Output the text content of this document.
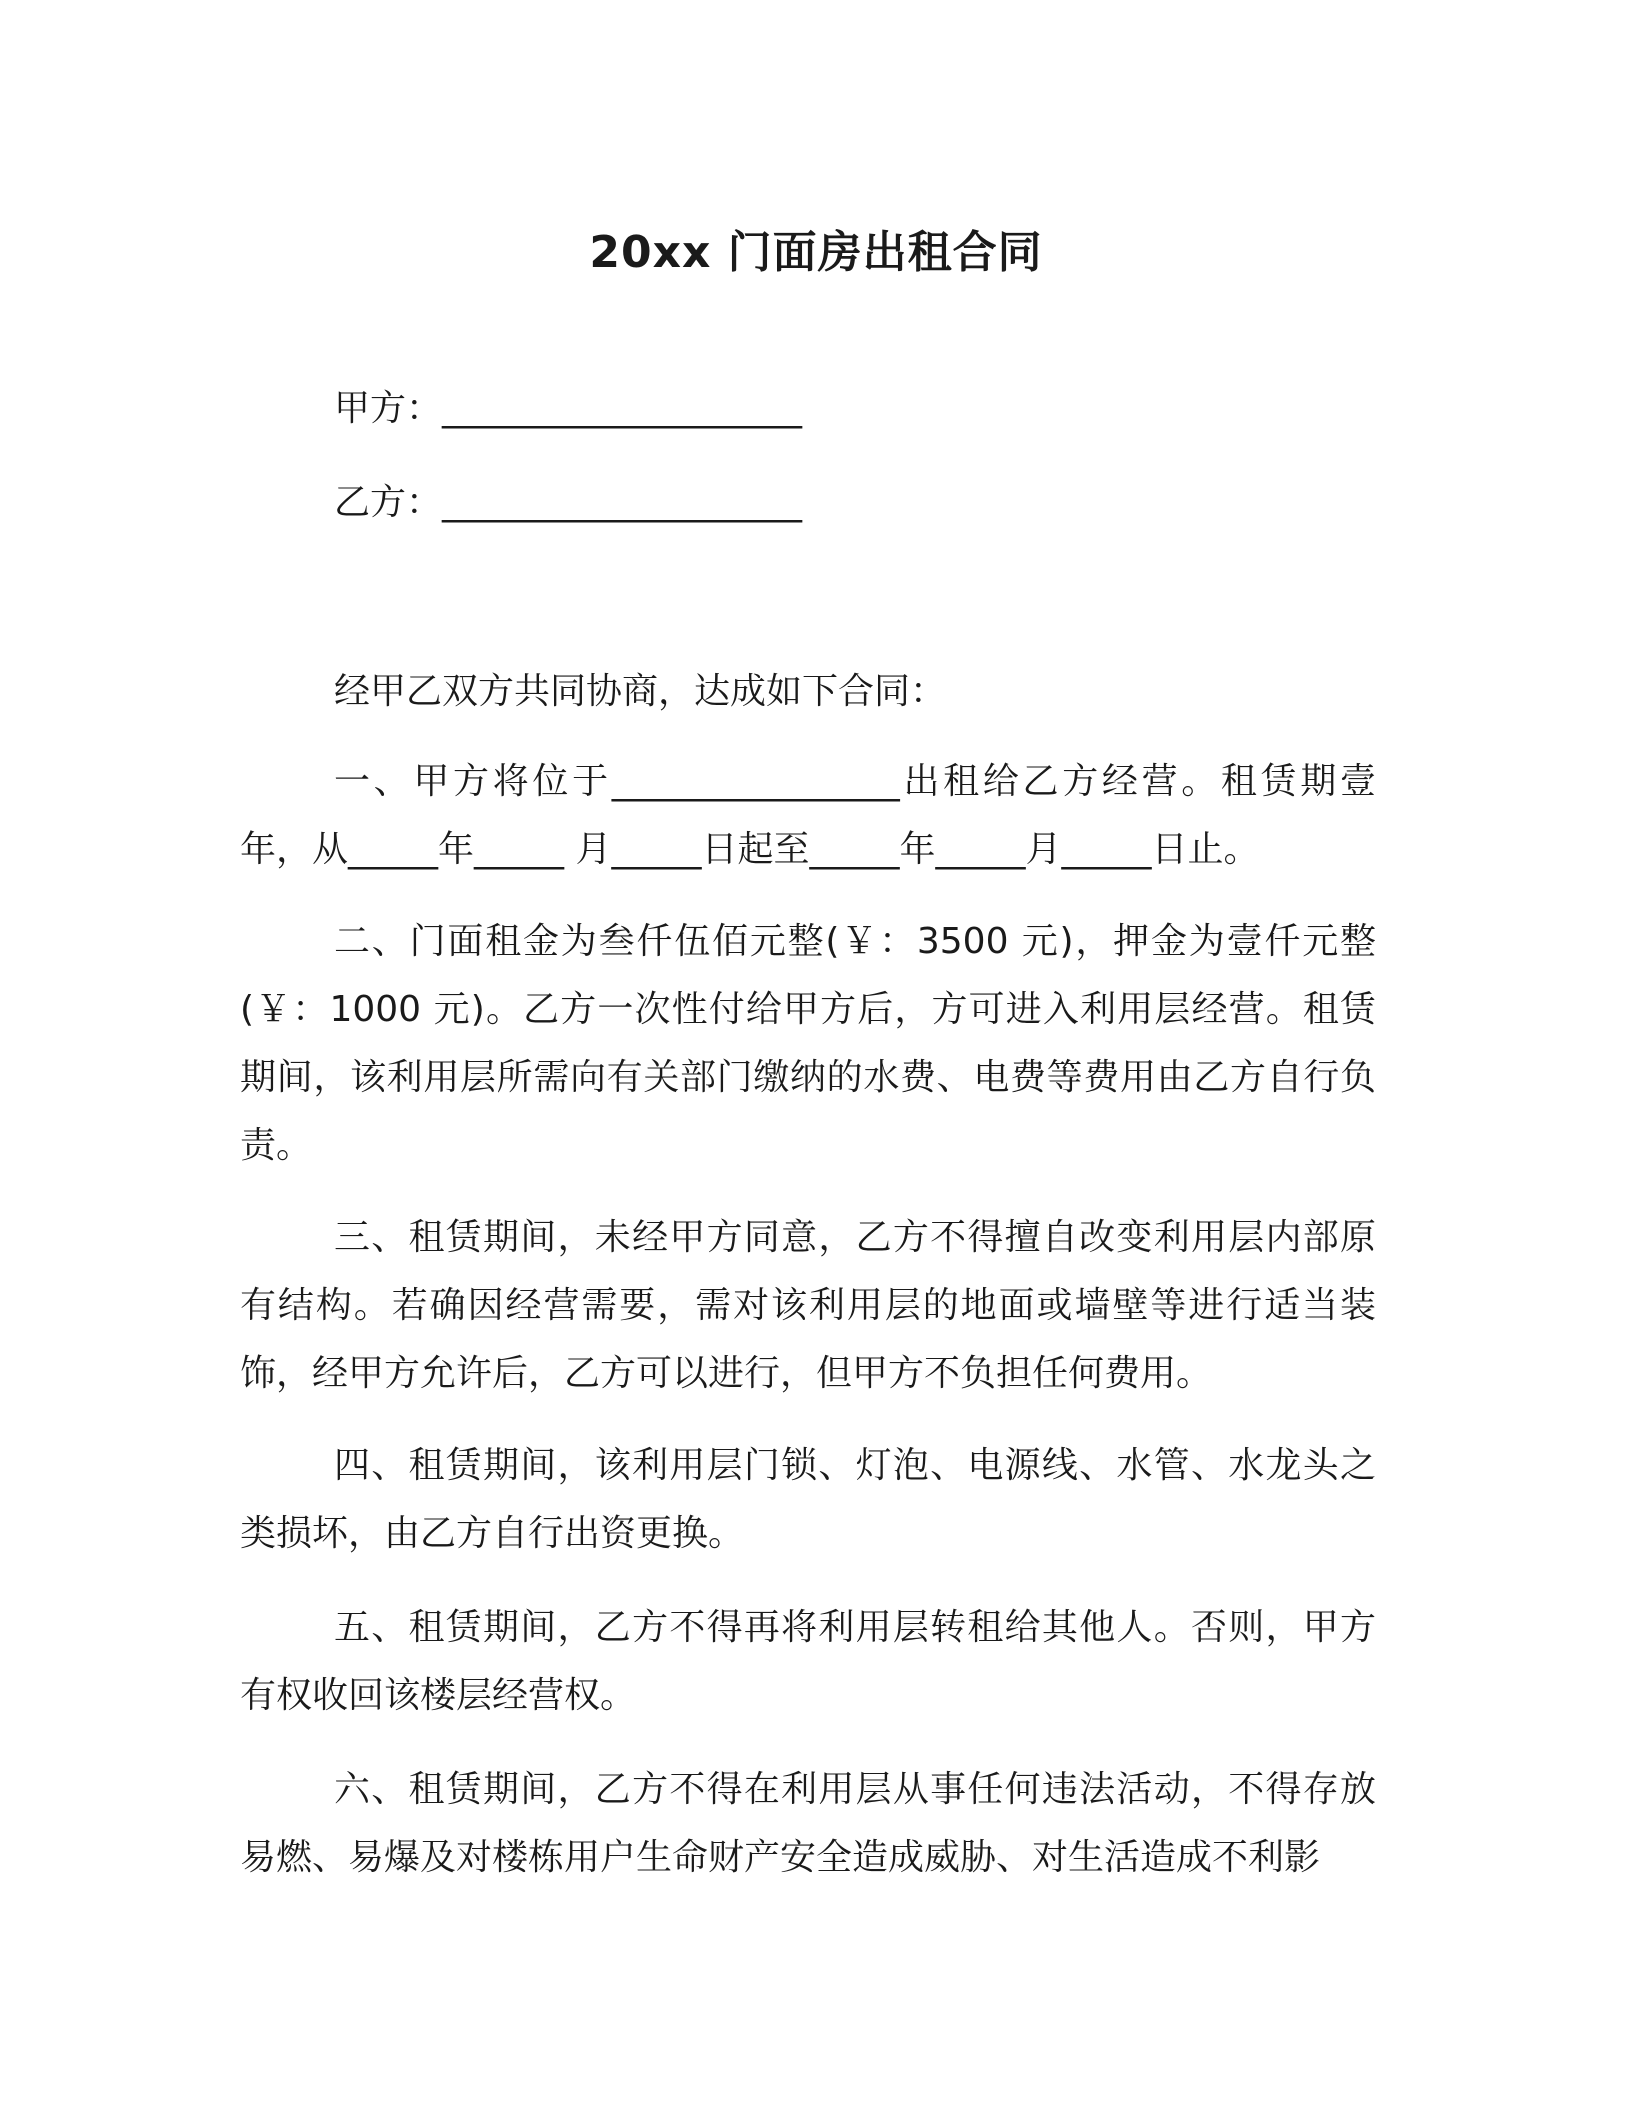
20xx 门面房出租合同
甲方：____________________
乙方：____________________

经甲乙双方共同协商，达成如下合同：

一、甲方将位于________________出租给乙方经营。租赁期壹年，从_____年_____ 月_____日起至_____年_____月_____日止。

二、门面租金为叁仟伍佰元整(￥：3500 元)，押金为壹仟元整(￥：1000 元)。乙方一次性付给甲方后，方可进入利用层经营。租赁期间，该利用层所需向有关部门缴纳的水费、电费等费用由乙方自行负责。

三、租赁期间，未经甲方同意，乙方不得擅自改变利用层内部原有结构。若确因经营需要，需对该利用层的地面或墙壁等进行适当装饰，经甲方允许后，乙方可以进行，但甲方不负担任何费用。

四、租赁期间，该利用层门锁、灯泡、电源线、水管、水龙头之类损坏，由乙方自行出资更换。

五、租赁期间，乙方不得再将利用层转租给其他人。否则，甲方有权收回该楼层经营权。

六、租赁期间，乙方不得在利用层从事任何违法活动，不得存放易燃、易爆及对楼栋用户生命财产安全造成威胁、对生活造成不利影
